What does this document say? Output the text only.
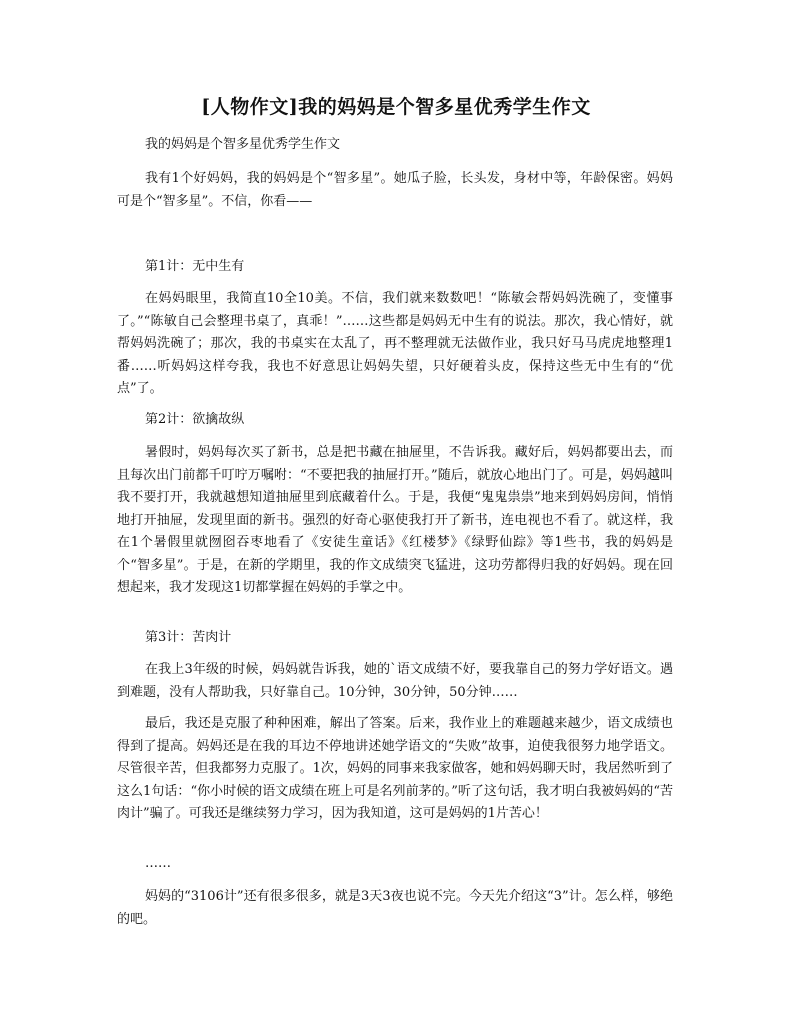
[人物作文]我的妈妈是个智多星优秀学生作文

我的妈妈是个智多星优秀学生作文

我有1个好妈妈，我的妈妈是个“智多星”。她瓜子脸，长头发，身材中等，年龄保密。妈妈可是个“智多星”。不信，你看——

第1计：无中生有

在妈妈眼里，我简直10全10美。不信，我们就来数数吧！“陈敏会帮妈妈洗碗了，变懂事了。”“陈敏自己会整理书桌了，真乖！”……这些都是妈妈无中生有的说法。那次，我心情好，就帮妈妈洗碗了；那次，我的书桌实在太乱了，再不整理就无法做作业，我只好马马虎虎地整理1番……听妈妈这样夸我，我也不好意思让妈妈失望，只好硬着头皮，保持这些无中生有的“优点”了。

第2计：欲擒故纵

暑假时，妈妈每次买了新书，总是把书藏在抽屉里，不告诉我。藏好后，妈妈都要出去，而且每次出门前都千叮咛万嘱咐：“不要把我的抽屉打开。”随后，就放心地出门了。可是，妈妈越叫我不要打开，我就越想知道抽屉里到底藏着什么。于是，我便“鬼鬼祟祟”地来到妈妈房间，悄悄地打开抽屉，发现里面的新书。强烈的好奇心驱使我打开了新书，连电视也不看了。就这样，我在1个暑假里就囫囵吞枣地看了《安徒生童话》《红楼梦》《绿野仙踪》等1些书，我的妈妈是个“智多星”。于是，在新的学期里，我的作文成绩突飞猛进，这功劳都得归我的好妈妈。现在回想起来，我才发现这1切都掌握在妈妈的手掌之中。

第3计：苦肉计

在我上3年级的时候，妈妈就告诉我，她的`语文成绩不好，要我靠自己的努力学好语文。遇到难题，没有人帮助我，只好靠自己。10分钟，30分钟，50分钟……

最后，我还是克服了种种困难，解出了答案。后来，我作业上的难题越来越少，语文成绩也得到了提高。妈妈还是在我的耳边不停地讲述她学语文的“失败”故事，迫使我很努力地学语文。尽管很辛苦，但我都努力克服了。1次，妈妈的同事来我家做客，她和妈妈聊天时，我居然听到了这么1句话：“你小时候的语文成绩在班上可是名列前茅的。”听了这句话，我才明白我被妈妈的“苦肉计”骗了。可我还是继续努力学习，因为我知道，这可是妈妈的1片苦心！

……

妈妈的“3106计”还有很多很多，就是3天3夜也说不完。今天先介绍这“3”计。怎么样，够绝的吧。
